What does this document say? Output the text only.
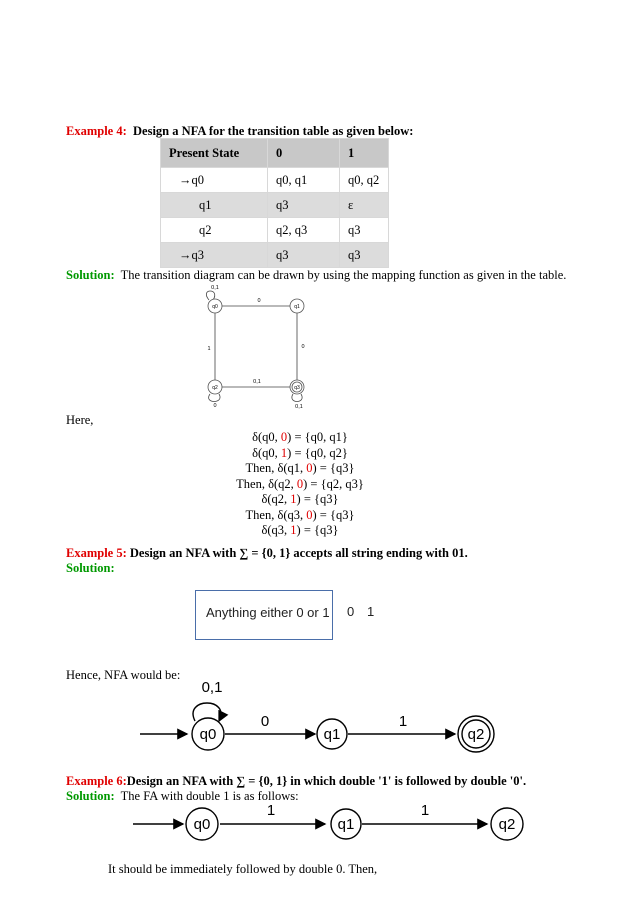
Example 4: Design a NFA for the transition table as given below:
Present State	0	1
→q0	q0, q1	q0, q2
q1	q3	ε
q2	q2, q3	q3
→q3	q3	q3
Solution: The transition diagram can be drawn by using the mapping function as given in the table.
q0	q1
q2	q3
0,1
0
1	0
0,1
0	0,1
Here,
δ(q0, 0) = {q0, q1}
δ(q0, 1) = {q0, q2}
Then, δ(q1, 0) = {q3}
Then, δ(q2, 0) = {q2, q3}
δ(q2, 1) = {q3}
Then, δ(q3, 0) = {q3}
δ(q3, 1) = {q3}
Example 5: Design an NFA with ∑ = {0, 1} accepts all string ending with 01.
Solution:
Anything either 0 or 1 0 1
Hence, NFA would be:
q0	q1	q2
0,1
0	1
Example 6:Design an NFA with ∑ = {0, 1} in which double '1' is followed by double '0'.
Solution: The FA with double 1 is as follows:
q0	q1	q2
1	1
It should be immediately followed by double 0. Then,
